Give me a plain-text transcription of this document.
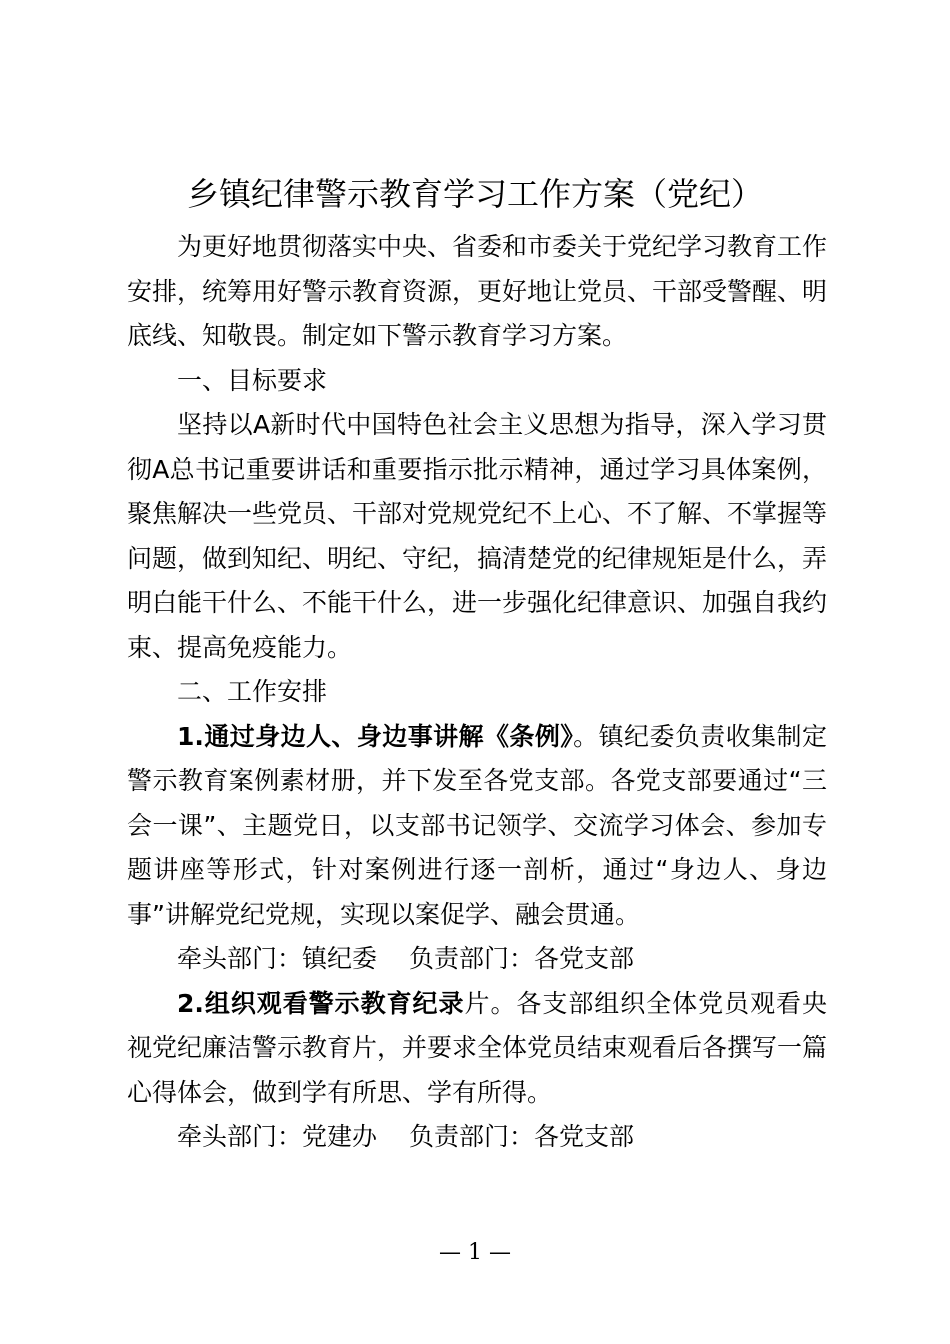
乡镇纪律警示教育学习工作方案（党纪）

为更好地贯彻落实中央、省委和市委关于党纪学习教育工作安排，统筹用好警示教育资源，更好地让党员、干部受警醒、明底线、知敬畏。制定如下警示教育学习方案。

一、目标要求

坚持以A新时代中国特色社会主义思想为指导，深入学习贯彻A总书记重要讲话和重要指示批示精神，通过学习具体案例，聚焦解决一些党员、干部对党规党纪不上心、不了解、不掌握等问题，做到知纪、明纪、守纪，搞清楚党的纪律规矩是什么，弄明白能干什么、不能干什么，进一步强化纪律意识、加强自我约束、提高免疫能力。

二、工作安排

1.通过身边人、身边事讲解《条例》。镇纪委负责收集制定警示教育案例素材册，并下发至各党支部。各党支部要通过“三会一课”、主题党日，以支部书记领学、交流学习体会、参加专题讲座等形式，针对案例进行逐一剖析，通过“身边人、身边事”讲解党纪党规，实现以案促学、融会贯通。

牵头部门：镇纪委 负责部门：各党支部

2.组织观看警示教育纪录片。各支部组织全体党员观看央视党纪廉洁警示教育片，并要求全体党员结束观看后各撰写一篇心得体会，做到学有所思、学有所得。

牵头部门：党建办 负责部门：各党支部

— 1 —
